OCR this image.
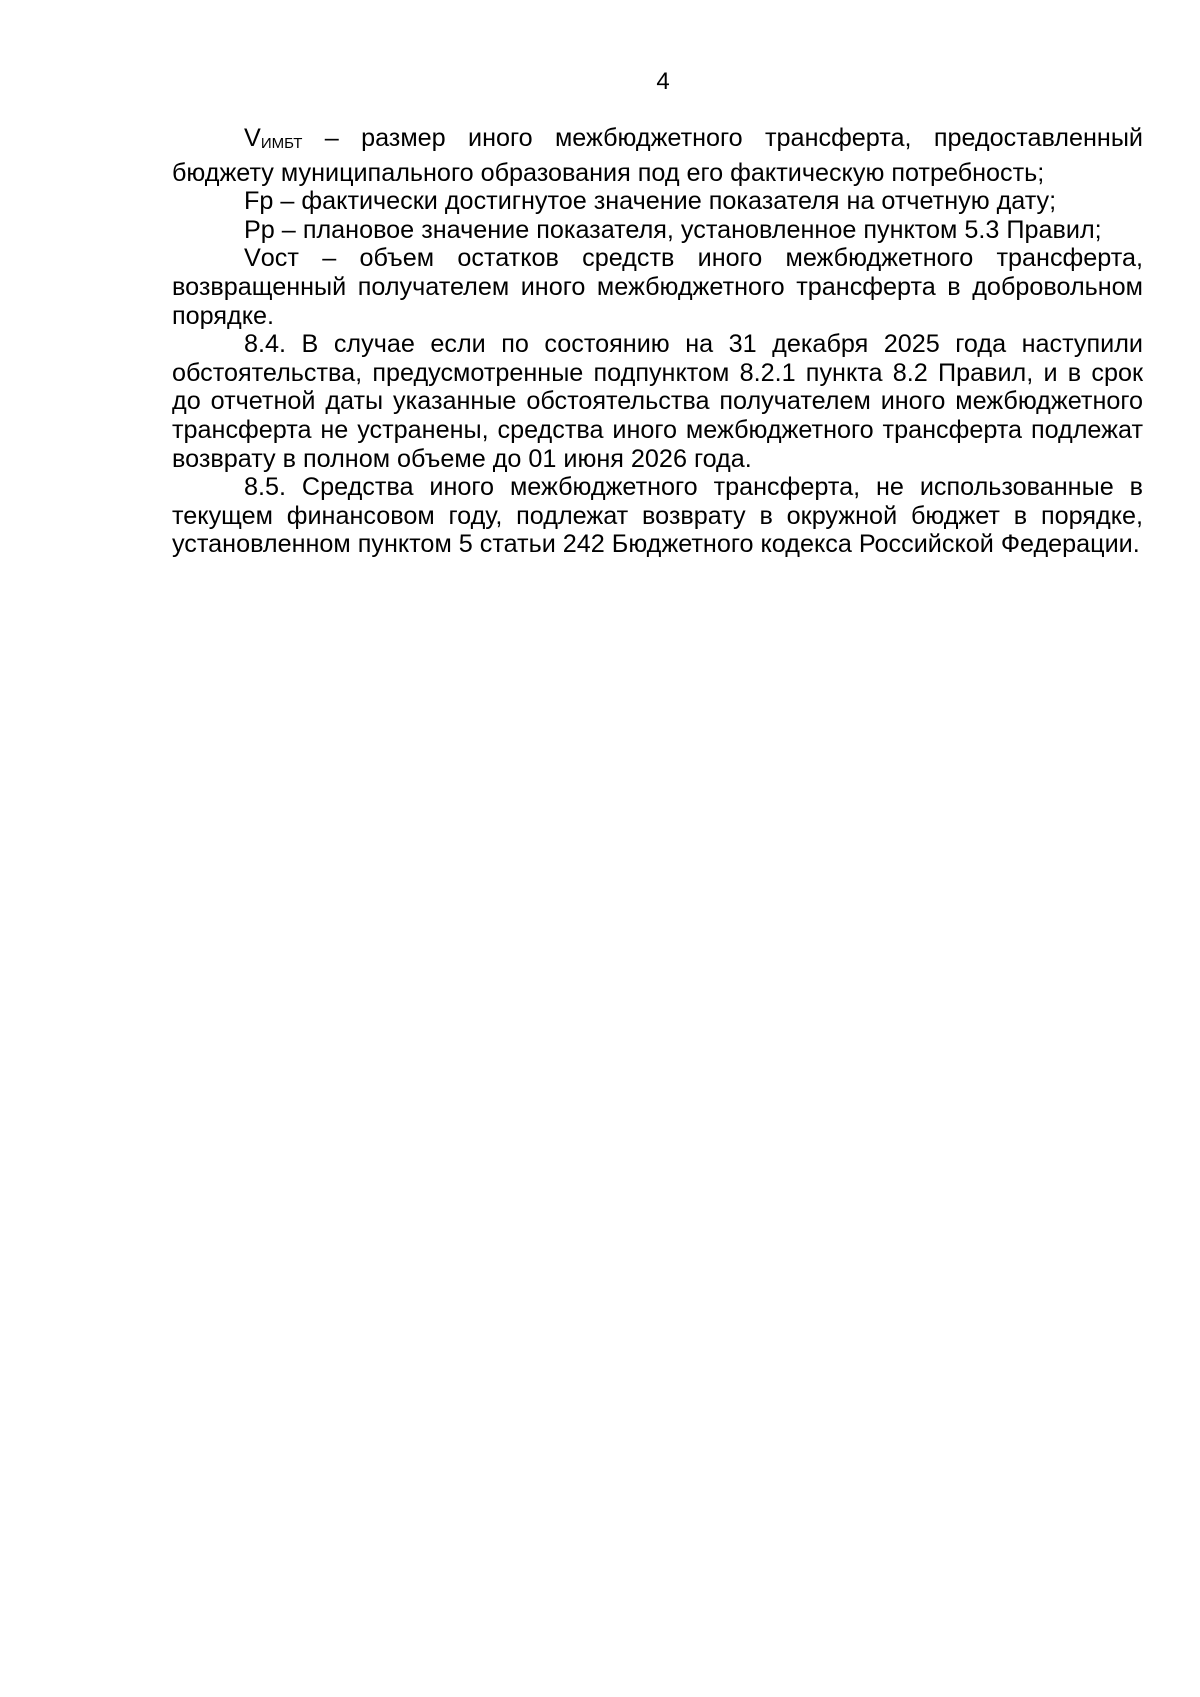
4

VИМБТ – размер иного межбюджетного трансферта, предоставленный бюджету муниципального образования под его фактическую потребность;

Fp – фактически достигнутое значение показателя на отчетную дату;

Pp – плановое значение показателя, установленное пунктом 5.3 Правил;

Vост – объем остатков средств иного межбюджетного трансферта, возвращенный получателем иного межбюджетного трансферта в добровольном порядке.

8.4. В случае если по состоянию на 31 декабря 2025 года наступили обстоятельства, предусмотренные подпунктом 8.2.1 пункта 8.2 Правил, и в срок до отчетной даты указанные обстоятельства получателем иного межбюджетного трансферта не устранены, средства иного межбюджетного трансферта подлежат возврату в полном объеме до 01 июня 2026 года.

8.5. Средства иного межбюджетного трансферта, не использованные в текущем финансовом году, подлежат возврату в окружной бюджет в порядке, установленном пунктом 5 статьи 242 Бюджетного кодекса Российской Федерации.
